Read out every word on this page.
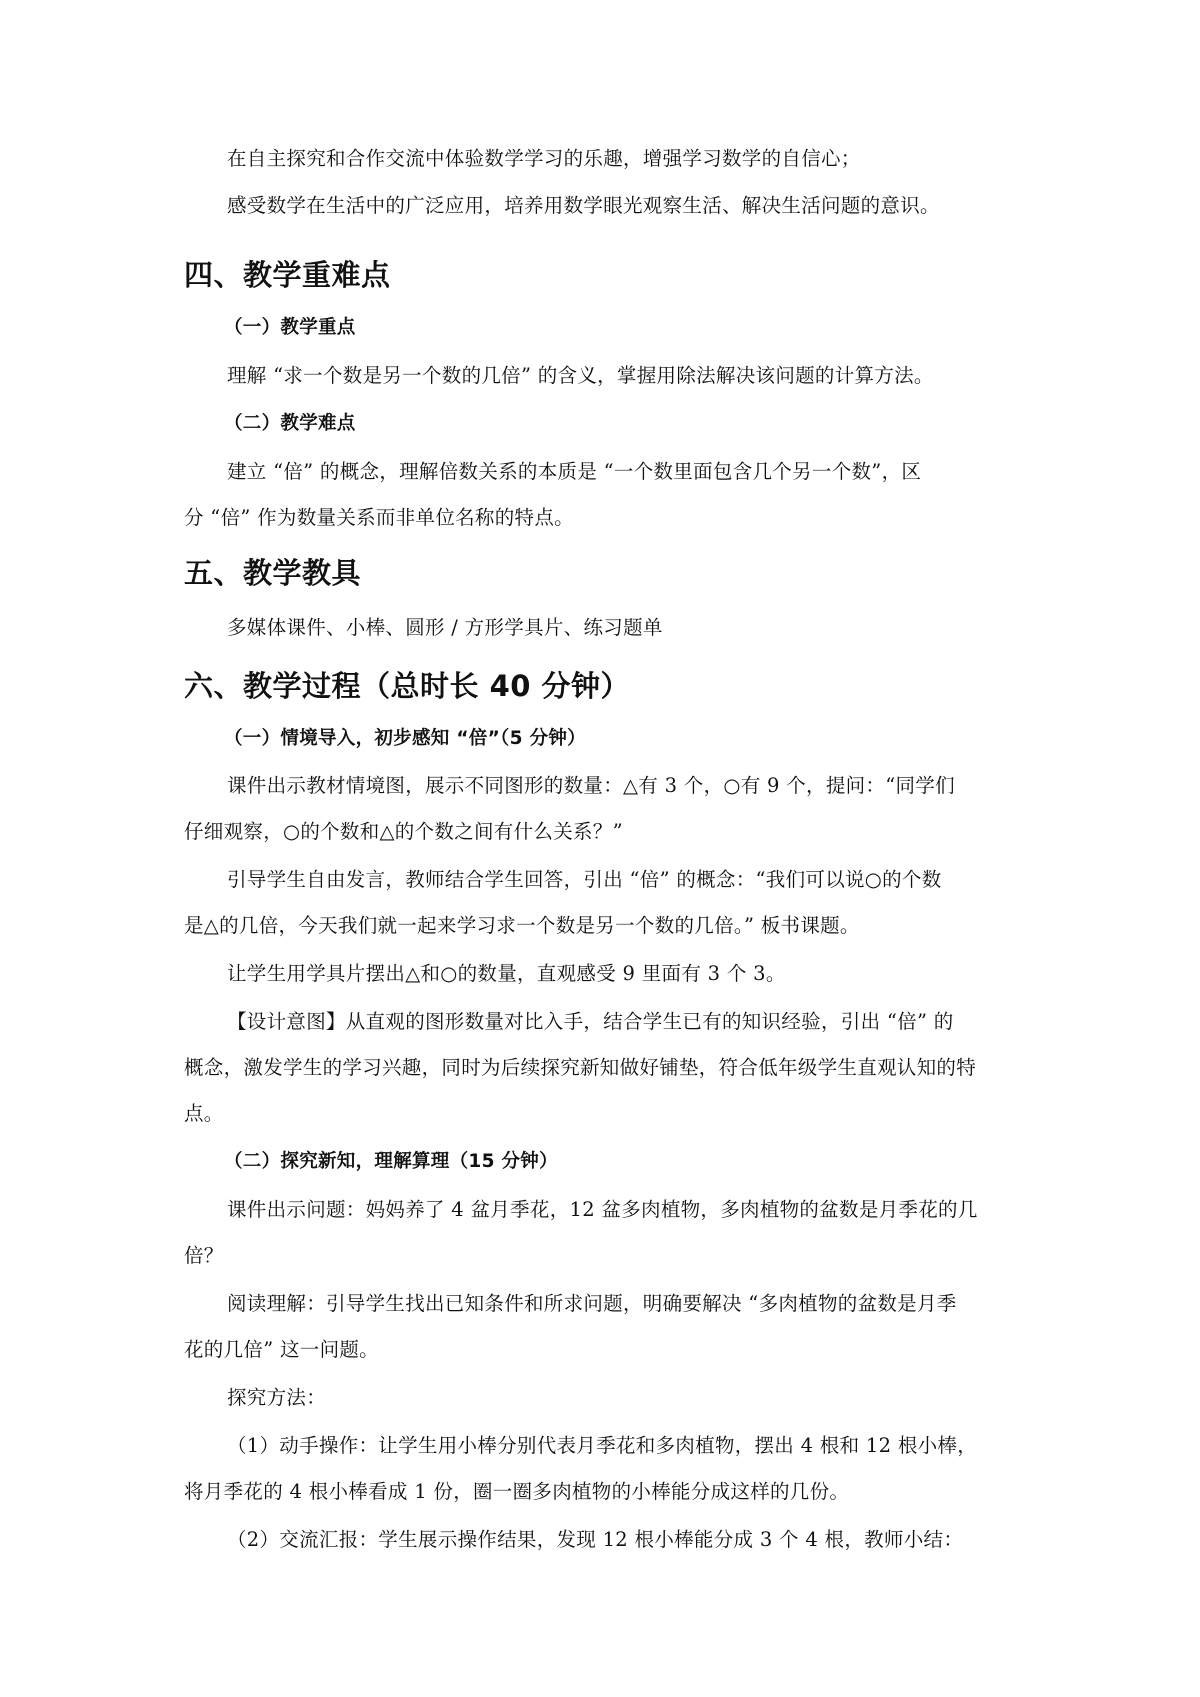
在自主探究和合作交流中体验数学学习的乐趣，增强学习数学的自信心；
感受数学在生活中的广泛应用，培养用数学眼光观察生活、解决生活问题的意识。
四、教学重难点
（一）教学重点
理解 “求一个数是另一个数的几倍” 的含义，掌握用除法解决该问题的计算方法。
（二）教学难点
建立 “倍” 的概念，理解倍数关系的本质是 “一个数里面包含几个另一个数”，区
分 “倍” 作为数量关系而非单位名称的特点。
五、教学教具
多媒体课件、小棒、圆形 / 方形学具片、练习题单
六、教学过程（总时长 40 分钟）
（一）情境导入，初步感知 “倍”（5 分钟）
课件出示教材情境图，展示不同图形的数量：△有 3 个，○有 9 个，提问：“同学们
仔细观察，○的个数和△的个数之间有什么关系？”
引导学生自由发言，教师结合学生回答，引出 “倍” 的概念：“我们可以说○的个数
是△的几倍，今天我们就一起来学习求一个数是另一个数的几倍。” 板书课题。
让学生用学具片摆出△和○的数量，直观感受 9 里面有 3 个 3。
【设计意图】从直观的图形数量对比入手，结合学生已有的知识经验，引出 “倍” 的
概念，激发学生的学习兴趣，同时为后续探究新知做好铺垫，符合低年级学生直观认知的特
点。
（二）探究新知，理解算理（15 分钟）
课件出示问题：妈妈养了 4 盆月季花，12 盆多肉植物，多肉植物的盆数是月季花的几
倍？
阅读理解：引导学生找出已知条件和所求问题，明确要解决 “多肉植物的盆数是月季
花的几倍” 这一问题。
探究方法：
（1）动手操作：让学生用小棒分别代表月季花和多肉植物，摆出 4 根和 12 根小棒，
将月季花的 4 根小棒看成 1 份，圈一圈多肉植物的小棒能分成这样的几份。
（2）交流汇报：学生展示操作结果，发现 12 根小棒能分成 3 个 4 根，教师小结：
